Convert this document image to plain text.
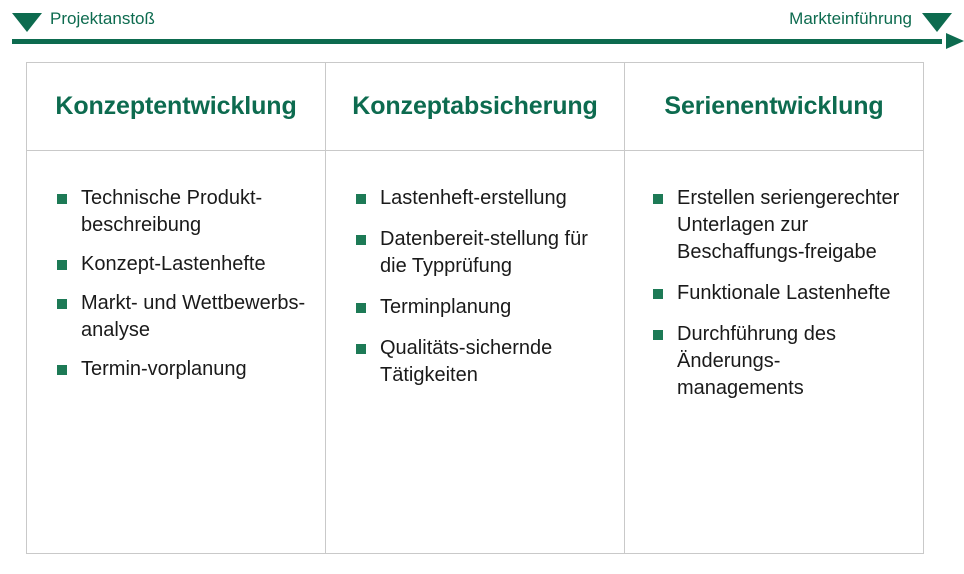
Projektanstoß	Markteinführung
Konzeptentwicklung
Technische Produkt-beschreibung
Konzept-Lastenhefte
Markt- und Wettbewerbs-analyse
Termin-vorplanung
Konzeptabsicherung
Lastenheft-erstellung
Datenbereit-stellung für die Typprüfung
Terminplanung
Qualitäts-sichernde Tätigkeiten
Serienentwicklung
Erstellen seriengerechter Unterlagen zur Beschaffungs-freigabe
Funktionale Lastenhefte
Durchführung des Änderungs-managements
